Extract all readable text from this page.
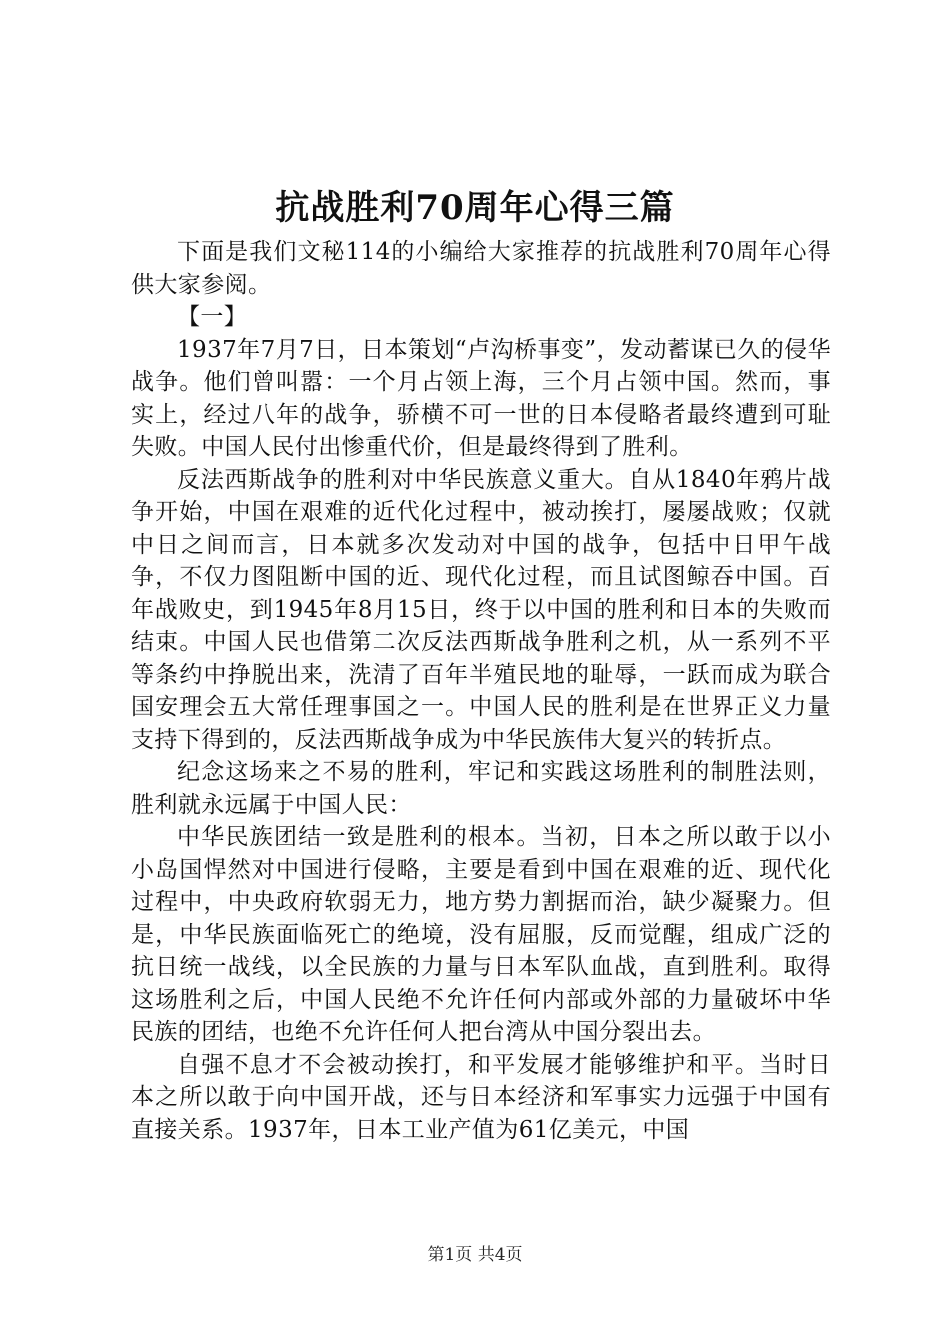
抗战胜利70周年心得三篇

下面是我们文秘114的小编给大家推荐的抗战胜利70周年心得供大家参阅。

【一】

1937年7月7日，日本策划“卢沟桥事变”，发动蓄谋已久的侵华战争。他们曾叫嚣：一个月占领上海，三个月占领中国。然而，事实上，经过八年的战争，骄横不可一世的日本侵略者最终遭到可耻失败。中国人民付出惨重代价，但是最终得到了胜利。

反法西斯战争的胜利对中华民族意义重大。自从1840年鸦片战争开始，中国在艰难的近代化过程中，被动挨打，屡屡战败；仅就中日之间而言，日本就多次发动对中国的战争，包括中日甲午战争，不仅力图阻断中国的近、现代化过程，而且试图鲸吞中国。百年战败史，到1945年8月15日，终于以中国的胜利和日本的失败而结束。中国人民也借第二次反法西斯战争胜利之机，从一系列不平等条约中挣脱出来，洗清了百年半殖民地的耻辱，一跃而成为联合国安理会五大常任理事国之一。中国人民的胜利是在世界正义力量支持下得到的，反法西斯战争成为中华民族伟大复兴的转折点。

纪念这场来之不易的胜利，牢记和实践这场胜利的制胜法则，胜利就永远属于中国人民：

中华民族团结一致是胜利的根本。当初，日本之所以敢于以小小岛国悍然对中国进行侵略，主要是看到中国在艰难的近、现代化过程中，中央政府软弱无力，地方势力割据而治，缺少凝聚力。但是，中华民族面临死亡的绝境，没有屈服，反而觉醒，组成广泛的抗日统一战线，以全民族的力量与日本军队血战，直到胜利。取得这场胜利之后，中国人民绝不允许任何内部或外部的力量破坏中华民族的团结，也绝不允许任何人把台湾从中国分裂出去。

自强不息才不会被动挨打，和平发展才能够维护和平。当时日本之所以敢于向中国开战，还与日本经济和军事实力远强于中国有直接关系。1937年，日本工业产值为61亿美元，中国

第1页 共4页
